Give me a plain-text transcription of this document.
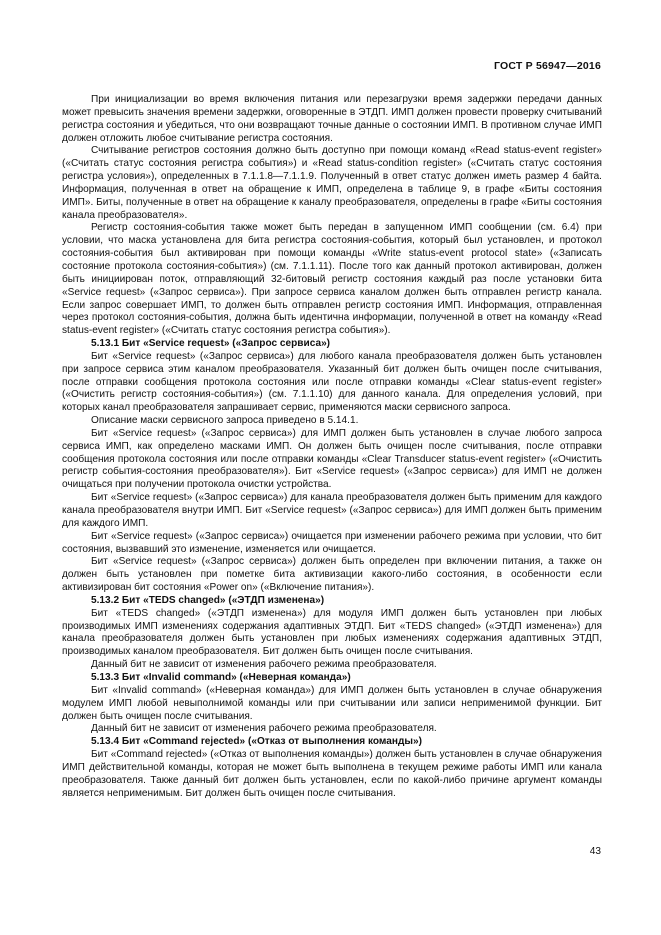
ГОСТ Р 56947—2016

При инициализации во время включения питания или перезагрузки время задержки передачи данных может превысить значения времени задержки, оговоренные в ЭТДП. ИМП должен провести проверку считываний регистра состояния и убедиться, что они возвращают точные данные о состоянии ИМП. В противном случае ИМП должен отложить любое считывание регистра состояния.

Считывание регистров состояния должно быть доступно при помощи команд «Read status-event register» («Считать статус состояния регистра события») и «Read status-condition register» («Считать статус состояния регистра условия»), определенных в 7.1.1.8—7.1.1.9. Полученный в ответ статус должен иметь размер 4 байта. Информация, полученная в ответ на обращение к ИМП, определена в таблице 9, в графе «Биты состояния ИМП». Биты, полученные в ответ на обращение к каналу преобразователя, определены в графе «Биты состояния канала преобразователя».

Регистр состояния-события также может быть передан в запущенном ИМП сообщении (см. 6.4) при условии, что маска установлена для бита регистра состояния-события, который был установлен, и протокол состояния-события был активирован при помощи команды «Write status-event protocol state» («Записать состояние протокола состояния-события») (см. 7.1.1.11). После того как данный протокол активирован, должен быть инициирован поток, отправляющий 32-битовый регистр состояния каждый раз после установки бита «Service request» («Запрос сервиса»). При запросе сервиса каналом должен быть отправлен регистр канала. Если запрос совершает ИМП, то должен быть отправлен регистр состояния ИМП. Информация, отправленная через протокол состояния-события, должна быть идентична информации, полученной в ответ на команду «Read status-event register» («Считать статус состояния регистра события»).

5.13.1 Бит «Service request» («Запрос сервиса»)

Бит «Service request» («Запрос сервиса») для любого канала преобразователя должен быть установлен при запросе сервиса этим каналом преобразователя. Указанный бит должен быть очищен после считывания, после отправки сообщения протокола состояния или после отправки команды «Clear status-event register» («Очистить регистр состояния-события») (см. 7.1.1.10) для данного канала. Для определения условий, при которых канал преобразователя запрашивает сервис, применяются маски сервисного запроса.

Описание маски сервисного запроса приведено в 5.14.1.

Бит «Service request» («Запрос сервиса») для ИМП должен быть установлен в случае любого запроса сервиса ИМП, как определено масками ИМП. Он должен быть очищен после считывания, после отправки сообщения протокола состояния или после отправки команды «Clear Transducer status-event register» («Очистить регистр события-состояния преобразователя»). Бит «Service request» («Запрос сервиса») для ИМП не должен очищаться при получении протокола очистки устройства.

Бит «Service request» («Запрос сервиса») для канала преобразователя должен быть применим для каждого канала преобразователя внутри ИМП. Бит «Service request» («Запрос сервиса») для ИМП должен быть применим для каждого ИМП.

Бит «Service request» («Запрос сервиса») очищается при изменении рабочего режима при условии, что бит состояния, вызвавший это изменение, изменяется или очищается.

Бит «Service request» («Запрос сервиса») должен быть определен при включении питания, а также он должен быть установлен при пометке бита активизации какого-либо состояния, в особенности если активизирован бит состояния «Power on» («Включение питания»).

5.13.2 Бит «TEDS changed» («ЭТДП изменена»)

Бит «TEDS changed» («ЭТДП изменена») для модуля ИМП должен быть установлен при любых производимых ИМП изменениях содержания адаптивных ЭТДП. Бит «TEDS changed» («ЭТДП изменена») для канала преобразователя должен быть установлен при любых изменениях содержания адаптивных ЭТДП, производимых каналом преобразователя. Бит должен быть очищен после считывания.

Данный бит не зависит от изменения рабочего режима преобразователя.

5.13.3 Бит «Invalid command» («Неверная команда»)

Бит «Invalid command» («Неверная команда») для ИМП должен быть установлен в случае обнаружения модулем ИМП любой невыполнимой команды или при считывании или записи неприменимой функции. Бит должен быть очищен после считывания.

Данный бит не зависит от изменения рабочего режима преобразователя.

5.13.4 Бит «Command rejected» («Отказ от выполнения команды»)

Бит «Command rejected» («Отказ от выполнения команды») должен быть установлен в случае обнаружения ИМП действительной команды, которая не может быть выполнена в текущем режиме работы ИМП или канала преобразователя. Также данный бит должен быть установлен, если по какой-либо причине аргумент команды является неприменимым. Бит должен быть очищен после считывания.

43
